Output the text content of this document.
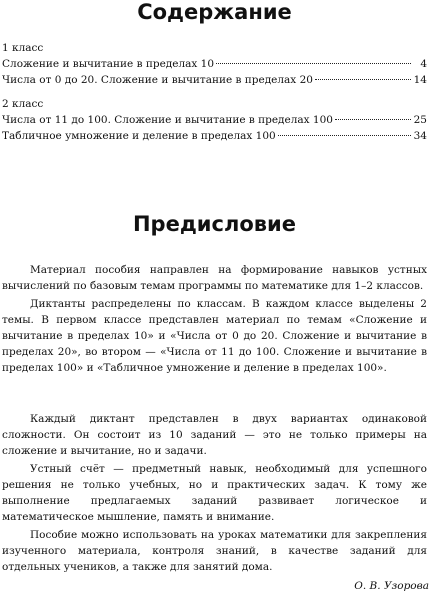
Содержание
1 класс
Сложение и вычитание в пределах 10	4
Числа от 0 до 20. Сложение и вычитание в пределах 20	14
2 класс
Числа от 11 до 100. Сложение и вычитание в пределах 100	25
Табличное умножение и деление в пределах 100	34
Предисловие

Материал пособия направлен на формирование навыков устных вычислений по базовым темам программы по математике для 1–2 классов.

Диктанты распределены по классам. В каждом классе выделены 2 темы. В первом классе представлен материал по темам «Сложение и вычитание в пределах 10» и «Числа от 0 до 20. Сложение и вычитание в пределах 20», во втором — «Числа от 11 до 100. Сложение и вычитание в пределах 100» и «Табличное умножение и деление в пределах 100».

Каждый диктант представлен в двух вариантах одинаковой сложности. Он состоит из 10 заданий — это не только примеры на сложение и вычитание, но и задачи.

Устный счёт — предметный навык, необходимый для успешного решения не только учебных, но и практических задач. К тому же выполнение предлагаемых заданий развивает логическое и математическое мышление, память и внимание.

Пособие можно использовать на уроках математики для закрепления изученного материала, контроля знаний, в качестве заданий для отдельных учеников, а также для занятий дома.

О. В. Узорова
